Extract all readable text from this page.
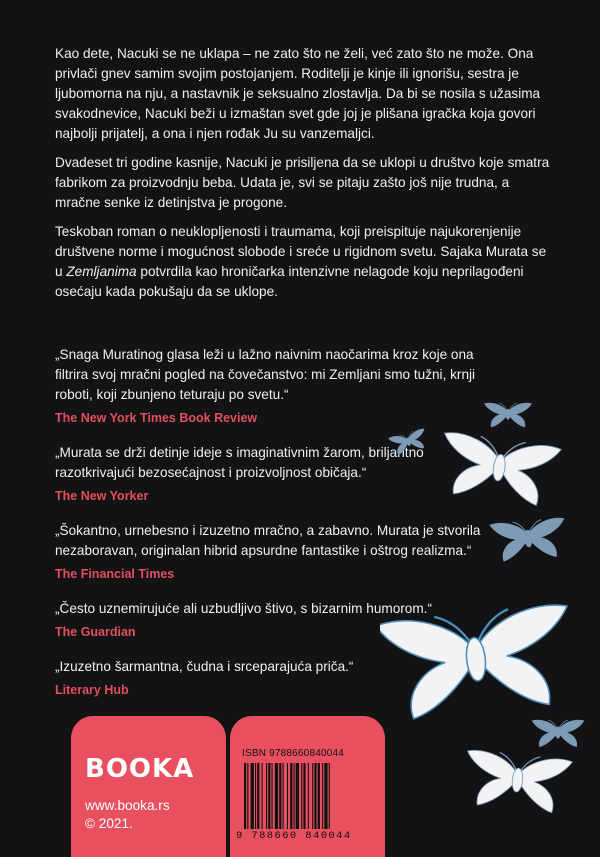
Kao dete, Nacuki se ne uklapa – ne zato što ne želi, već zato što ne može. Ona privlači gnev samim svojim postojanjem. Roditelji je kinje ili ignorišu, sestra je ljubomorna na nju, a nastavnik je seksualno zlostavlja. Da bi se nosila s užasima svakodnevice, Nacuki beži u izmaštan svet gde joj je plišana igračka koja govori najbolji prijatelj, a ona i njen rođak Ju su vanzemaljci.

Dvadeset tri godine kasnije, Nacuki je prisiljena da se uklopi u društvo koje smatra fabrikom za proizvodnju beba. Udata je, svi se pitaju zašto još nije trudna, a mračne senke iz detinjstva je progone.

Teskoban roman o neuklopljenosti i traumama, koji preispituje najukorenjenije društvene norme i mogućnost slobode i sreće u rigidnom svetu. Sajaka Murata se u Zemljanima potvrdila kao hroničarka intenzivne nelagode koju neprilagođeni osećaju kada pokušaju da se uklope.

„Snaga Muratinog glasa leži u lažno naivnim naočarima kroz koje ona filtrira svoj mračni pogled na čovečanstvo: mi Zemljani smo tužni, krnji roboti, koji zbunjeno teturaju po svetu.“

The New York Times Book Review

„Murata se drži detinje ideje s imaginativnim žarom, briljantno razotkrivajući bezosećajnost i proizvoljnost običaja.“

The New Yorker

„Šokantno, urnebesno i izuzetno mračno, a zabavno. Murata je stvorila nezaboravan, originalan hibrid apsurdne fantastike i oštrog realizma.“

The Financial Times

„Često uznemirujuće ali uzbudljivo štivo, s bizarnim humorom.“

The Guardian

„Izuzetno šarmantna, čudna i srceparajuća priča.“

Literary Hub
BOOKA
www.booka.rs
© 2021.
ISBN 9788660840044
9 788660 840044
